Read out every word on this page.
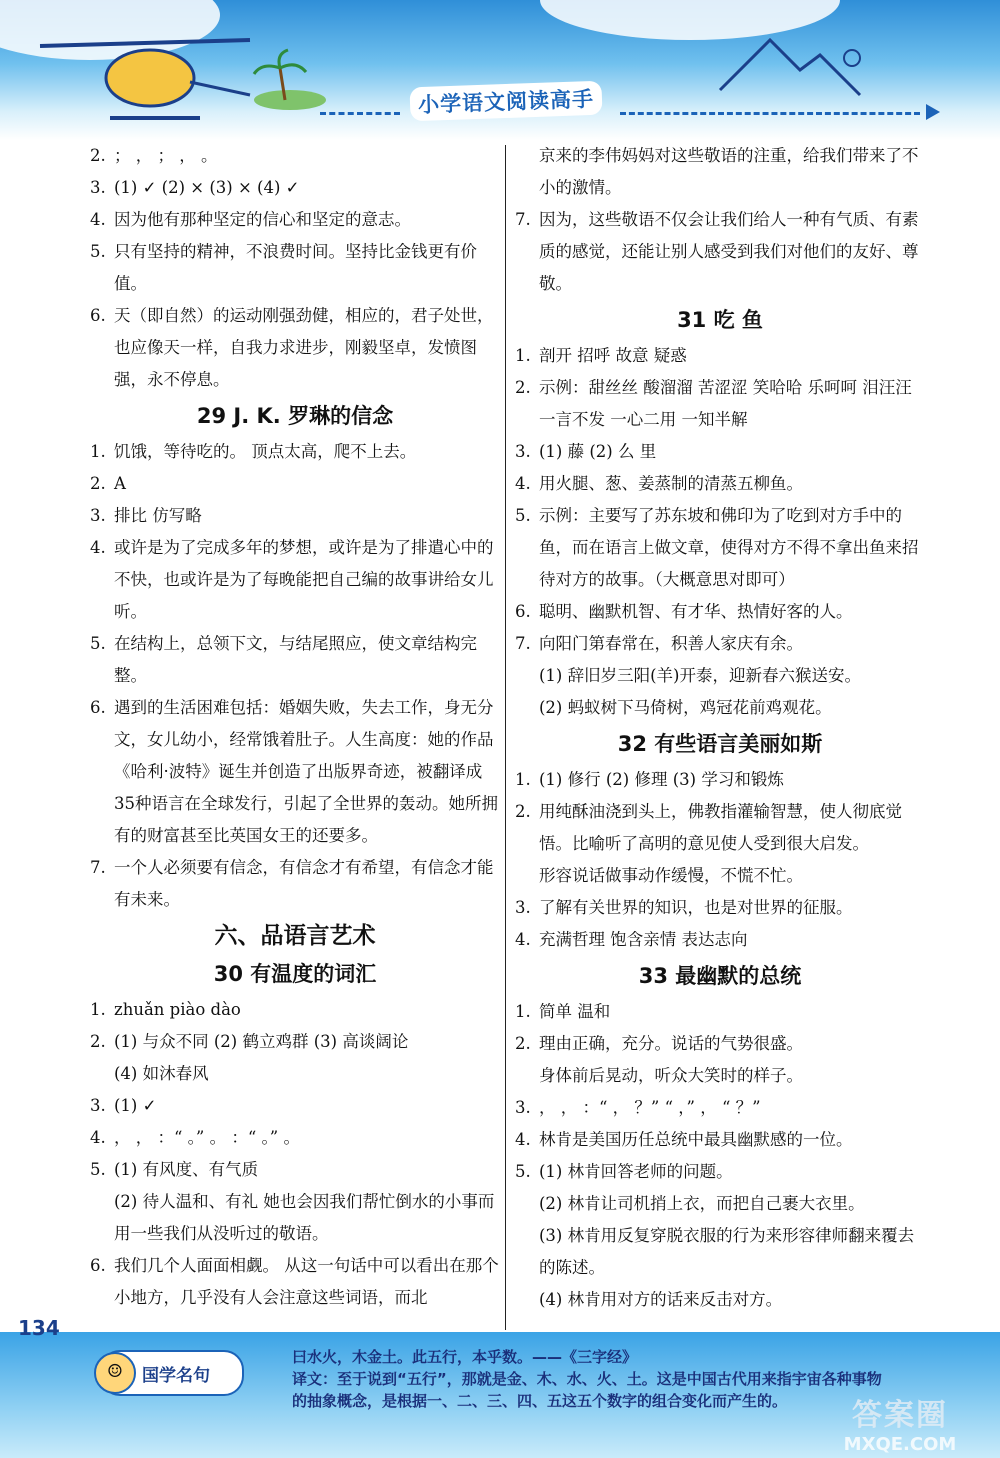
小学语文阅读高手
2. ； ， ； ， 。
3. (1) ✓ (2) × (3) × (4) ✓
4. 因为他有那种坚定的信心和坚定的意志。
5. 只有坚持的精神，不浪费时间。坚持比金钱更有价值。
6. 天（即自然）的运动刚强劲健，相应的，君子处世，也应像天一样，自我力求进步，刚毅坚卓，发愤图强，永不停息。
29 J. K. 罗琳的信念
1. 饥饿，等待吃的。 顶点太高，爬不上去。
2. A
3. 排比 仿写略
4. 或许是为了完成多年的梦想，或许是为了排遣心中的不快，也或许是为了每晚能把自己编的故事讲给女儿听。
5. 在结构上，总领下文，与结尾照应，使文章结构完整。
6. 遇到的生活困难包括：婚姻失败，失去工作，身无分文，女儿幼小，经常饿着肚子。人生高度：她的作品《哈利·波特》诞生并创造了出版界奇迹，被翻译成35种语言在全球发行，引起了全世界的轰动。她所拥有的财富甚至比英国女王的还要多。
7. 一个人必须要有信念，有信念才有希望，有信念才能有未来。
六、品语言艺术
30 有温度的词汇
1. zhuǎn piào dào
2. (1) 与众不同 (2) 鹤立鸡群 (3) 高谈阔论
(4) 如沐春风
3. (1) ✓
4. ， ， ：“ 。” 。 ：“ 。” 。
5. (1) 有风度、有气质
(2) 待人温和、有礼 她也会因我们帮忙倒水的小事而用一些我们从没听过的敬语。
6. 我们几个人面面相觑。 从这一句话中可以看出在那个小地方，几乎没有人会注意这些词语，而北
京来的李伟妈妈对这些敬语的注重，给我们带来了不小的激情。
7. 因为，这些敬语不仅会让我们给人一种有气质、有素质的感觉，还能让别人感受到我们对他们的友好、尊敬。
31 吃 鱼
1. 剖开 招呼 故意 疑惑
2. 示例：甜丝丝 酸溜溜 苦涩涩 笑哈哈 乐呵呵 泪汪汪 一言不发 一心二用 一知半解
3. (1) 藤 (2) 么 里
4. 用火腿、葱、姜蒸制的清蒸五柳鱼。
5. 示例：主要写了苏东坡和佛印为了吃到对方手中的鱼，而在语言上做文章，使得对方不得不拿出鱼来招待对方的故事。（大概意思对即可）
6. 聪明、幽默机智、有才华、热情好客的人。
7. 向阳门第春常在，积善人家庆有余。
(1) 辞旧岁三阳(羊)开泰，迎新春六猴送安。
(2) 蚂蚁树下马倚树，鸡冠花前鸡观花。
32 有些语言美丽如斯
1. (1) 修行 (2) 修理 (3) 学习和锻炼
2. 用纯酥油浇到头上，佛教指灌输智慧，使人彻底觉悟。比喻听了高明的意见使人受到很大启发。
形容说话做事动作缓慢，不慌不忙。
3. 了解有关世界的知识，也是对世界的征服。
4. 充满哲理 饱含亲情 表达志向
33 最幽默的总统
1. 简单 温和
2. 理由正确，充分。说话的气势很盛。
身体前后晃动，听众大笑时的样子。
3. ， ， ：“ ， ？” “ ，” ， “ ？”
4. 林肯是美国历任总统中最具幽默感的一位。
5. (1) 林肯回答老师的问题。
(2) 林肯让司机捎上衣，而把自己裹大衣里。
(3) 林肯用反复穿脱衣服的行为来形容律师翻来覆去的陈述。
(4) 林肯用对方的话来反击对方。
134
☺	国学名句
曰水火，木金土。此五行，本乎数。——《三字经》
译文：至于说到“五行”，那就是金、木、水、火、土。这是中国古代用来指宇宙各种事物的抽象概念，是根据一、二、三、四、五这五个数字的组合变化而产生的。	答案圈
MXQE.COM
